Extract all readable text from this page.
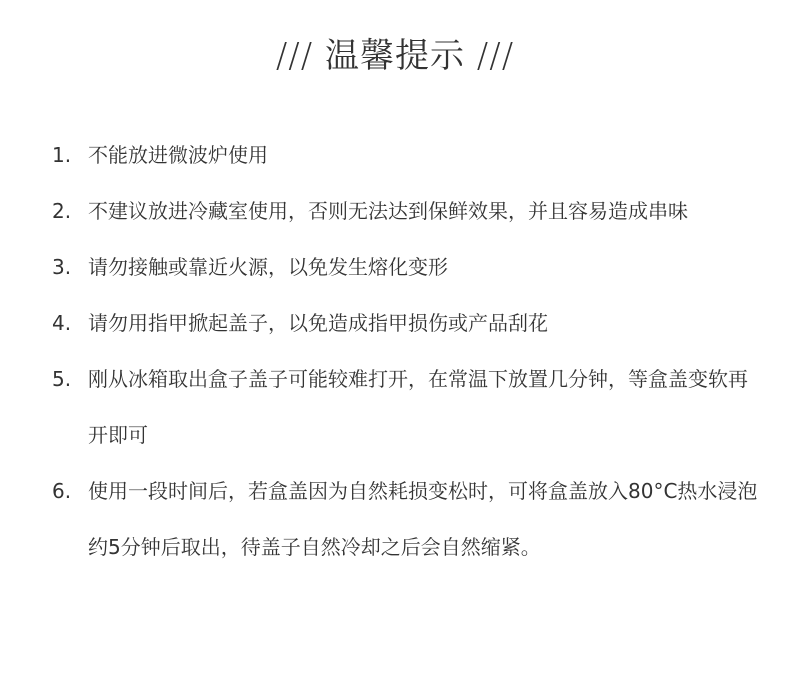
/// 温馨提示 ///
1. 不能放进微波炉使用
2. 不建议放进冷藏室使用，否则无法达到保鲜效果，并且容易造成串味
3. 请勿接触或靠近火源，以免发生熔化变形
4. 请勿用指甲掀起盖子，以免造成指甲损伤或产品刮花
5. 刚从冰箱取出盒子盖子可能较难打开，在常温下放置几分钟，等盒盖变软再开即可
6. 使用一段时间后，若盒盖因为自然耗损变松时，可将盒盖放入80°C热水浸泡约5分钟后取出，待盖子自然冷却之后会自然缩紧。
